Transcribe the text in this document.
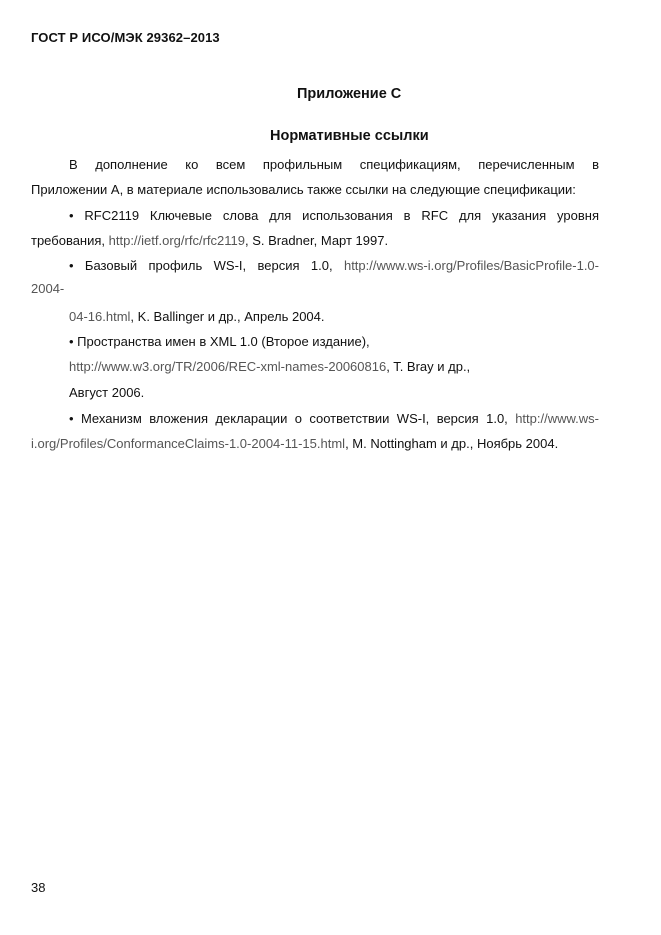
ГОСТ Р ИСО/МЭК 29362–2013
Приложение С
Нормативные ссылки
В дополнение ко всем профильным спецификациям, перечисленным в
Приложении А, в материале использовались также ссылки на следующие спецификации:
• RFC2119 Ключевые слова для использования в RFC для указания уровня
требования, http://ietf.org/rfc/rfc2119, S. Bradner, Март 1997.
• Базовый профиль WS-I, версия 1.0, http://www.ws-i.org/Profiles/BasicProfile-1.0-
2004-
04-16.html, K. Ballinger и др., Апрель 2004.
• Пространства имен в XML 1.0 (Второе издание),
http://www.w3.org/TR/2006/REC-xml-names-20060816, T. Bray и др.,
Август 2006.
• Механизм вложения декларации о соответствии WS-I, версия 1.0, http://www.ws-
i.org/Profiles/ConformanceClaims-1.0-2004-11-15.html, M. Nottingham и др., Ноябрь 2004.
38
